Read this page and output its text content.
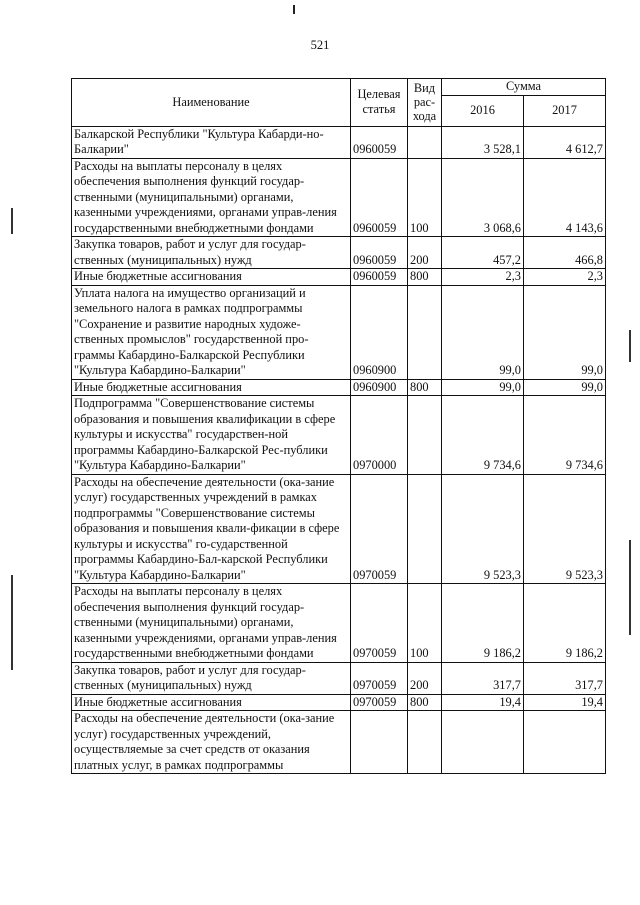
521
Наименование	Целевая статья	Вид рас-хода	Сумма	
			2016	2017
Балкарской Республики "Культура Кабарди-но-Балкарии"	0960059		3 528,1	4 612,7
Расходы на выплаты персоналу в целях обеспечения выполнения функций государ-ственными (муниципальными) органами, казенными учреждениями, органами управ-ления государственными внебюджетными фондами	0960059	100	3 068,6	4 143,6
Закупка товаров, работ и услуг для государ-ственных (муниципальных) нужд	0960059	200	457,2	466,8
Иные бюджетные ассигнования	0960059	800	2,3	2,3
Уплата налога на имущество организаций и земельного налога в рамках подпрограммы "Сохранение и развитие народных художе-ственных промыслов" государственной про-граммы Кабардино-Балкарской Республики "Культура Кабардино-Балкарии"	0960900		99,0	99,0
Иные бюджетные ассигнования	0960900	800	99,0	99,0
Подпрограмма "Совершенствование системы образования и повышения квалификации в сфере культуры и искусства" государствен-ной программы Кабардино-Балкарской Рес-публики "Культура Кабардино-Балкарии"	0970000		9 734,6	9 734,6
Расходы на обеспечение деятельности (ока-зание услуг) государственных учреждений в рамках подпрограммы "Совершенствование системы образования и повышения квали-фикации в сфере культуры и искусства" го-сударственной программы Кабардино-Бал-карской Республики "Культура Кабардино-Балкарии"	0970059		9 523,3	9 523,3
Расходы на выплаты персоналу в целях обеспечения выполнения функций государ-ственными (муниципальными) органами, казенными учреждениями, органами управ-ления государственными внебюджетными фондами	0970059	100	9 186,2	9 186,2
Закупка товаров, работ и услуг для государ-ственных (муниципальных) нужд	0970059	200	317,7	317,7
Иные бюджетные ассигнования	0970059	800	19,4	19,4
Расходы на обеспечение деятельности (ока-зание услуг) государственных учреждений, осуществляемые за счет средств от оказания платных услуг, в рамках подпрограммы				
